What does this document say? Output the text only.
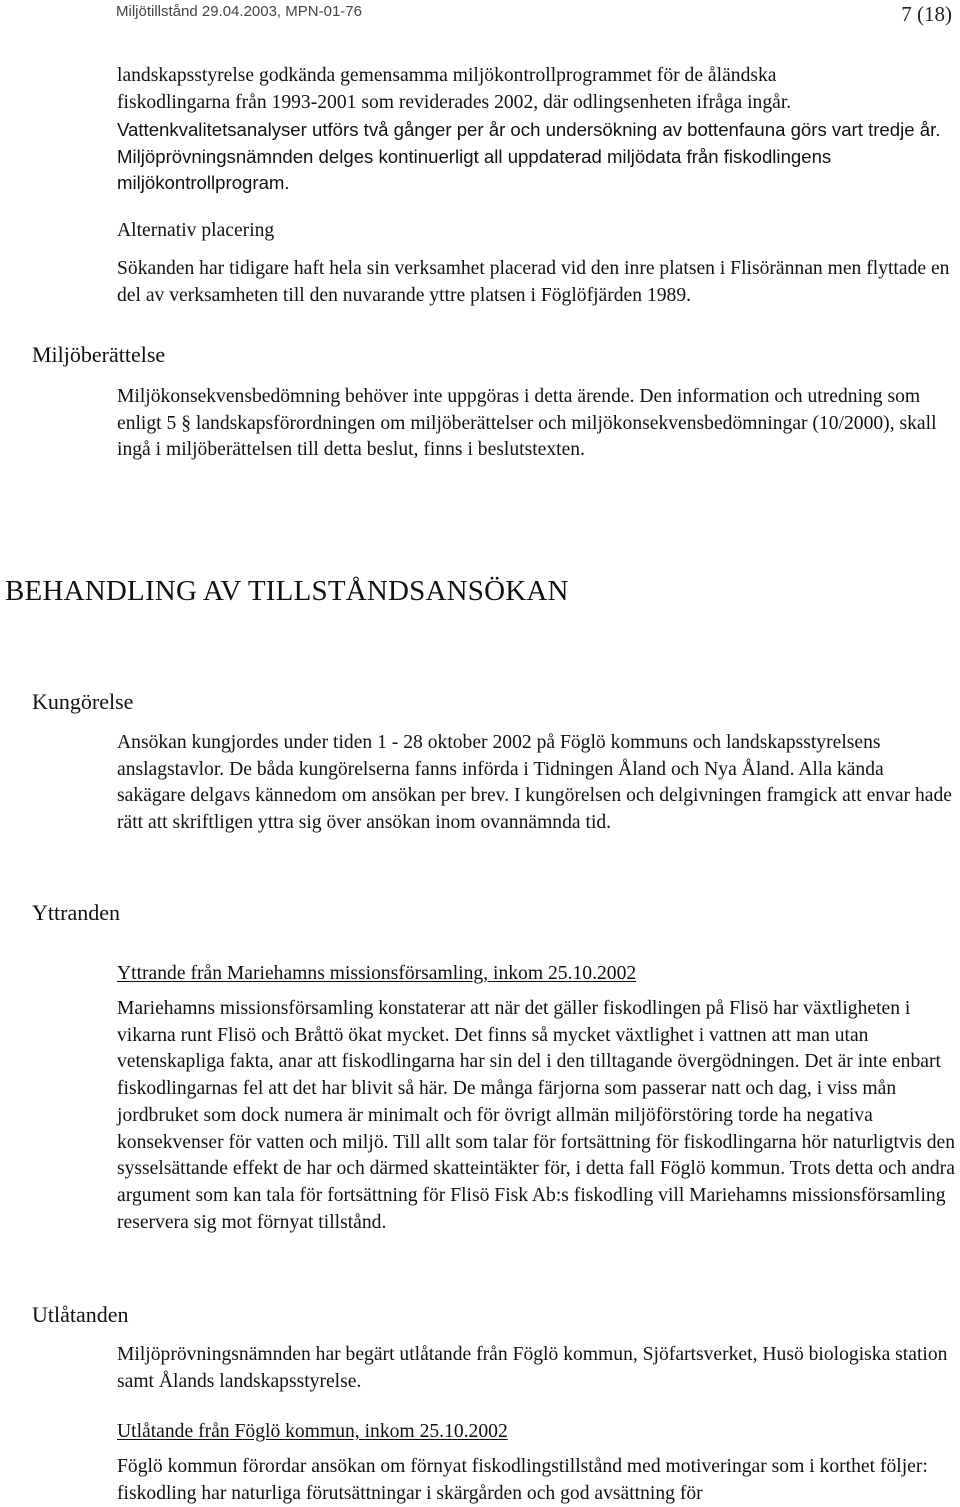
Miljötillstånd 29.04.2003, MPN-01-76	7 (18)

landskapsstyrelse godkända gemensamma miljökontrollprogrammet för de åländska

fiskodlingarna från 1993-2001 som reviderades 2002, där odlingsenheten ifråga ingår.

Vattenkvalitetsanalyser utförs två gånger per år och undersökning av bottenfauna görs vart tredje år. Miljöprövningsnämnden delges kontinuerligt all uppdaterad miljödata från fiskodlingens miljökontrollprogram.

Alternativ placering

Sökanden har tidigare haft hela sin verksamhet placerad vid den inre platsen i Flisörännan men flyttade en del av verksamheten till den nuvarande yttre platsen i Föglöfjärden 1989.

Miljöberättelse

Miljökonsekvensbedömning behöver inte uppgöras i detta ärende. Den information och utredning som enligt 5 § landskapsförordningen om miljöberättelser och miljökonsekvensbedömningar (10/2000), skall ingå i miljöberättelsen till detta beslut, finns i beslutstexten.

BEHANDLING AV TILLSTÅNDSANSÖKAN

Kungörelse

Ansökan kungjordes under tiden 1 - 28 oktober 2002 på Föglö kommuns och landskapsstyrelsens anslagstavlor. De båda kungörelserna fanns införda i Tidningen Åland och Nya Åland. Alla kända sakägare delgavs kännedom om ansökan per brev. I kungörelsen och delgivningen framgick att envar hade rätt att skriftligen yttra sig över ansökan inom ovannämnda tid.

Yttranden

Yttrande från Mariehamns missionsförsamling, inkom 25.10.2002

Mariehamns missionsförsamling konstaterar att när det gäller fiskodlingen på Flisö har växtligheten i vikarna runt Flisö och Bråttö ökat mycket. Det finns så mycket växtlighet i vattnen att man utan vetenskapliga fakta, anar att fiskodlingarna har sin del i den tilltagande övergödningen. Det är inte enbart fiskodlingarnas fel att det har blivit så här. De många färjorna som passerar natt och dag, i viss mån jordbruket som dock numera är minimalt och för övrigt allmän miljöförstöring torde ha negativa konsekvenser för vatten och miljö. Till allt som talar för fortsättning för fiskodlingarna hör naturligtvis den sysselsättande effekt de har och därmed skatteintäkter för, i detta fall Föglö kommun. Trots detta och andra argument som kan tala för fortsättning för Flisö Fisk Ab:s fiskodling vill Mariehamns missionsförsamling reservera sig mot förnyat tillstånd.

Utlåtanden

Miljöprövningsnämnden har begärt utlåtande från Föglö kommun, Sjöfartsverket, Husö biologiska station samt Ålands landskapsstyrelse.

Utlåtande från Föglö kommun, inkom 25.10.2002

Föglö kommun förordar ansökan om förnyat fiskodlingstillstånd med motiveringar som i korthet följer: fiskodling har naturliga förutsättningar i skärgården och god avsättning för
